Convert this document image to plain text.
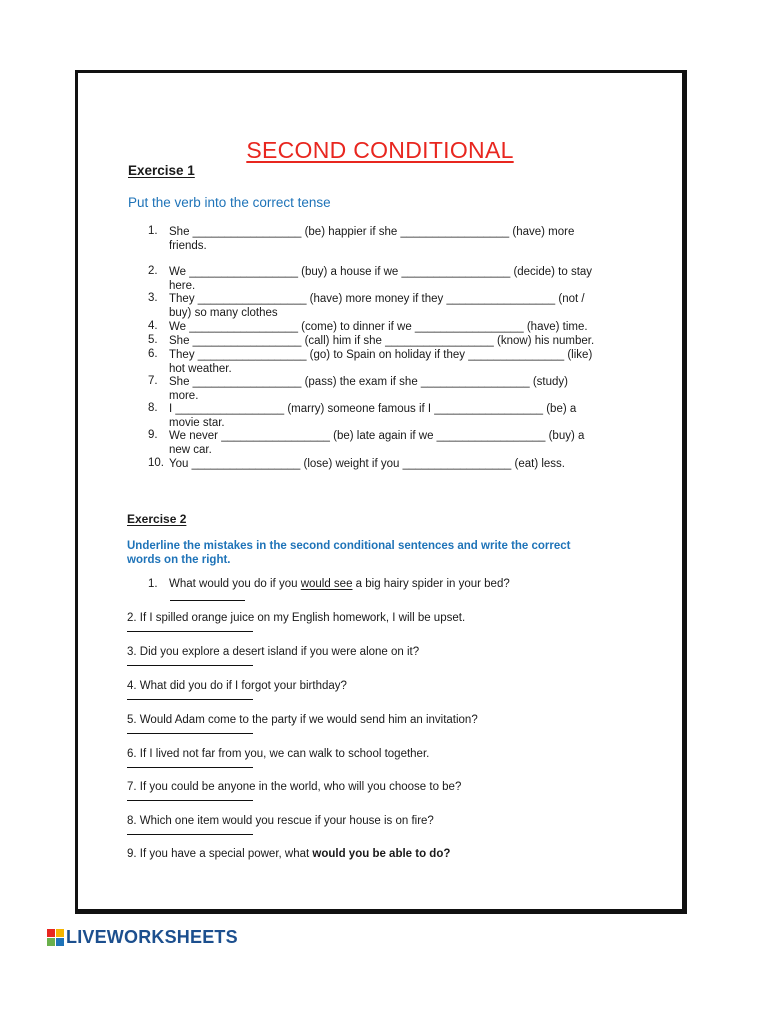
SECOND CONDITIONAL
Exercise 1
Put the verb into the correct tense
1. She _________________ (be) happier if she _________________ (have) more
friends.
2. We _________________ (buy) a house if we _________________ (decide) to stay
here.
3. They _________________ (have) more money if they _________________ (not /
buy) so many clothes
4. We _________________ (come) to dinner if we _________________ (have) time.
5. She _________________ (call) him if she _________________ (know) his number.
6. They _________________ (go) to Spain on holiday if they _______________ (like)
hot weather.
7. She _________________ (pass) the exam if she _________________ (study)
more.
8. I _________________ (marry) someone famous if I _________________ (be) a
movie star.
9. We never _________________ (be) late again if we _________________ (buy) a
new car.
10. You _________________ (lose) weight if you _________________ (eat) less.
Exercise 2
Underline the mistakes in the second conditional sentences and write the correct
words on the right.
1. What would you do if you would see a big hairy spider in your bed?
2. If I spilled orange juice on my English homework, I will be upset.
3. Did you explore a desert island if you were alone on it?
4. What did you do if I forgot your birthday?
5. Would Adam come to the party if we would send him an invitation?
6. If I lived not far from you, we can walk to school together.
7. If you could be anyone in the world, who will you choose to be?
8. Which one item would you rescue if your house is on fire?
9. If you have a special power, what would you be able to do?
LIVEWORKSHEETS
